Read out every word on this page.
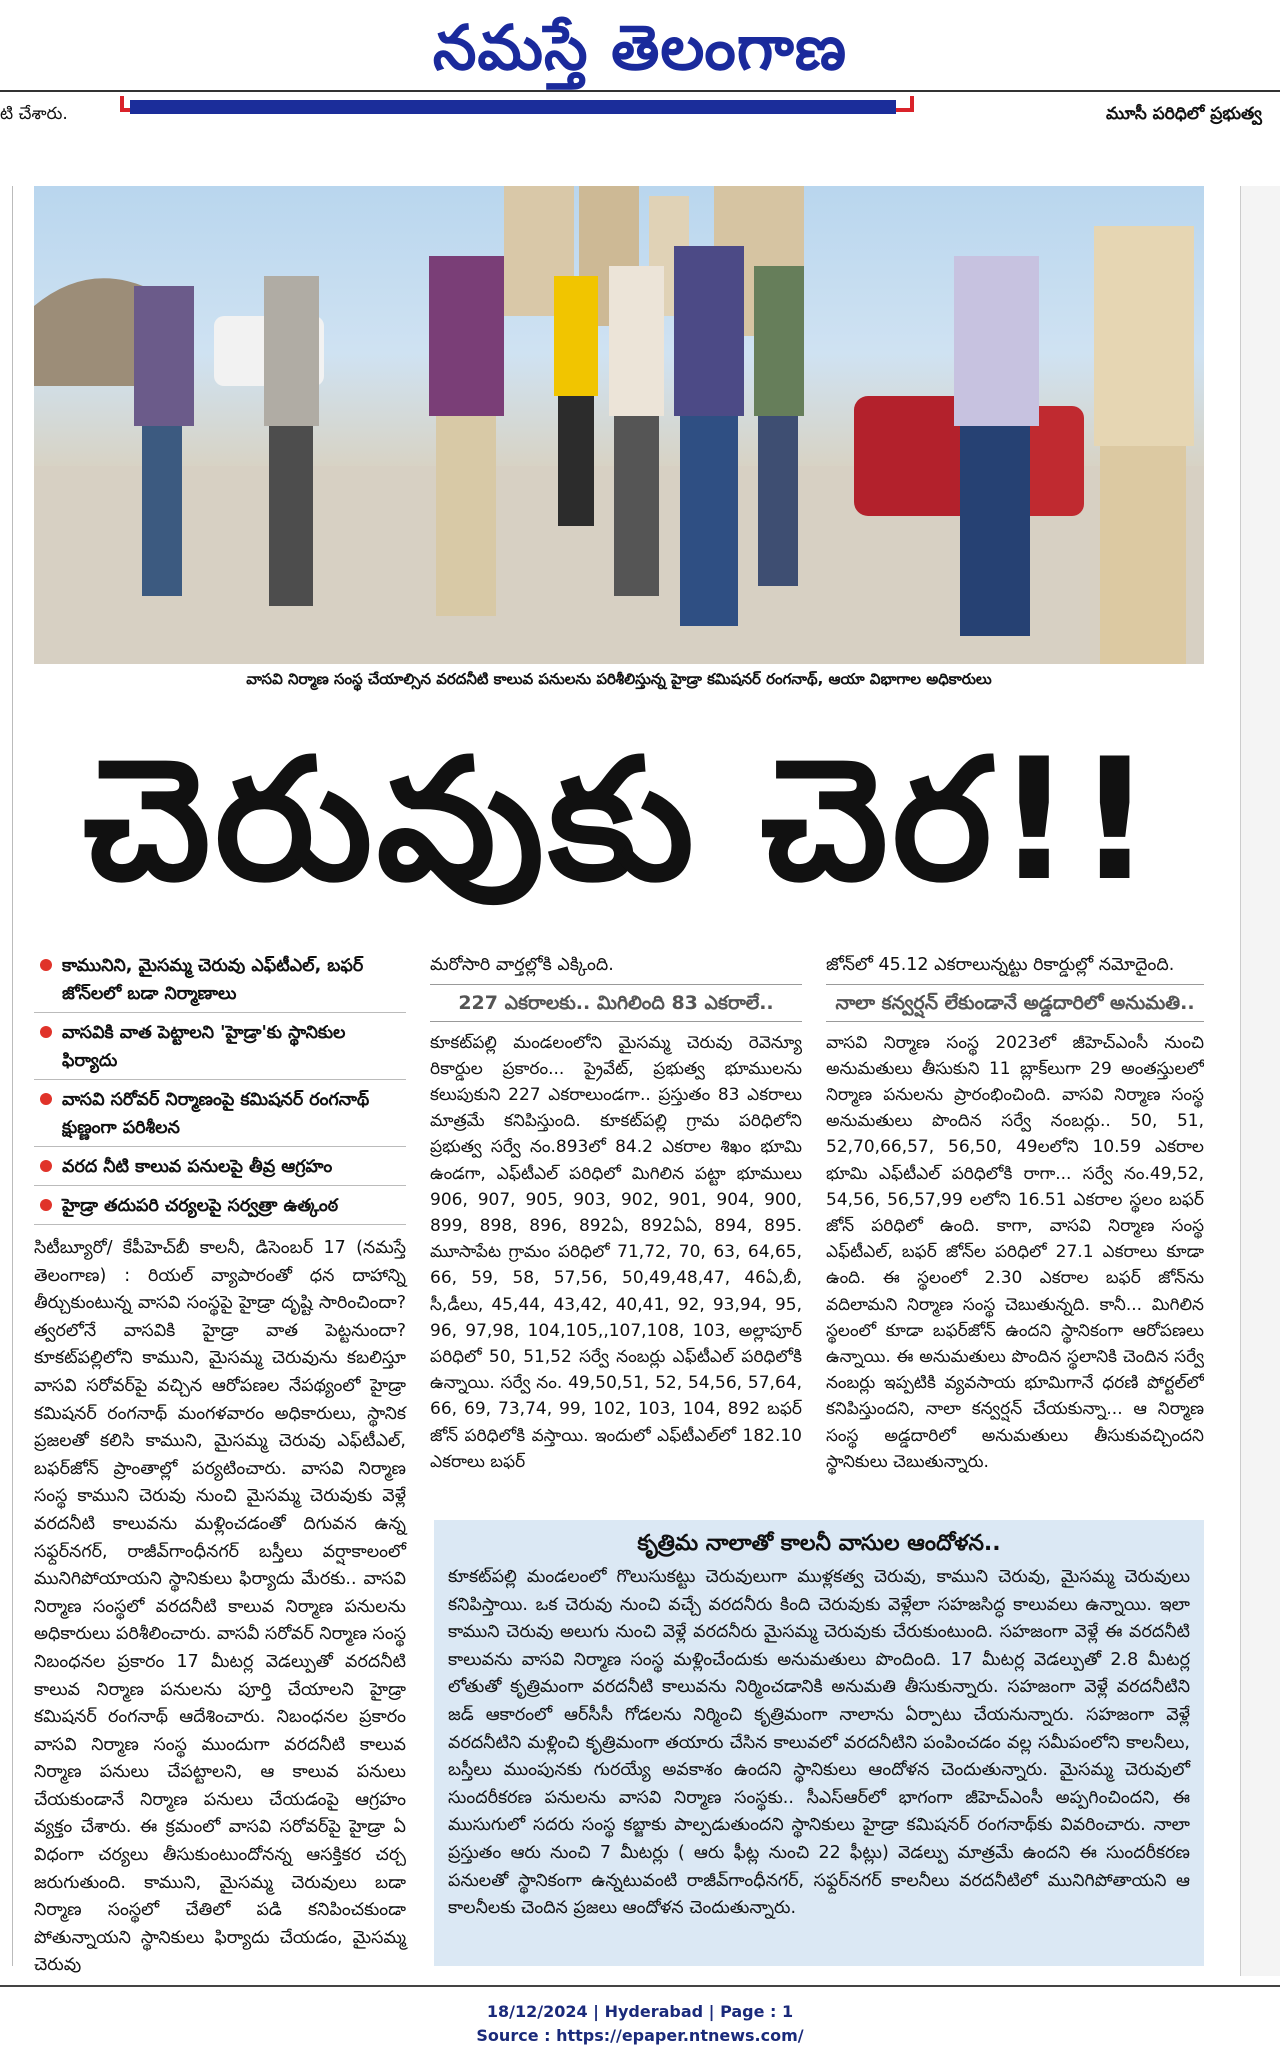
నమస్తే తెలంగాణ
టి చేశారు.	మూసీ పరిధిలో ప్రభుత్వ
వాసవి నిర్మాణ సంస్థ చేయాల్సిన వరదనీటి కాలువ పనులను పరిశీలిస్తున్న హైడ్రా కమిషనర్ రంగనాథ్, ఆయా విభాగాల అధికారులు
చెరువుకు చెర!!
కామునిని, మైసమ్మ చెరువు ఎఫ్‌టీఎల్, బఫర్ జోన్‌లలో బడా నిర్మాణాలు
వాసవికి వాత పెట్టాలని 'హైడ్రా'కు స్థానికుల ఫిర్యాదు
వాసవి సరోవర్ నిర్మాణంపై కమిషనర్ రంగనాథ్ క్షుణ్ణంగా పరిశీలన
వరద నీటి కాలువ పనులపై తీవ్ర ఆగ్రహం
హైడ్రా తదుపరి చర్యలపై సర్వత్రా ఉత్కంఠ
సిటీబ్యూరో/ కేపీహెచ్‌బీ కాలనీ, డిసెంబర్ 17 (నమస్తే తెలంగాణ) : రియల్ వ్యాపారంతో ధన దాహాన్ని తీర్చుకుంటున్న వాసవి సంస్థపై హైడ్రా దృష్టి సారించిందా? త్వరలోనే వాసవికి హైడ్రా వాత పెట్టనుందా? కూకట్‌పల్లిలోని కాముని, మైసమ్మ చెరువును కబలిస్తూ వాసవి సరోవర్‌పై వచ్చిన ఆరోపణల నేపథ్యంలో హైడ్రా కమిషనర్ రంగనాథ్ మంగళవారం అధికారులు, స్థానిక ప్రజలతో కలిసి కాముని, మైసమ్మ చెరువు ఎఫ్‌టీఎల్, బఫర్‌జోన్ ప్రాంతాల్లో పర్యటించారు. వాసవి నిర్మాణ సంస్థ కాముని చెరువు నుంచి మైసమ్మ చెరువుకు వెళ్లే వరదనీటి కాలువను మళ్లించడంతో దిగువన ఉన్న సఫ్దర్‌నగర్, రాజీవ్‌గాంధీనగర్ బస్తీలు వర్షాకాలంలో మునిగిపోయాయని స్థానికులు ఫిర్యాదు మేరకు.. వాసవి నిర్మాణ సంస్థలో వరదనీటి కాలువ నిర్మాణ పనులను అధికారులు పరిశీలించారు. వాసవీ సరోవర్ నిర్మాణ సంస్థ నిబంధనల ప్రకారం 17 మీటర్ల వెడల్పుతో వరదనీటి కాలువ నిర్మాణ పనులను పూర్తి చేయాలని హైడ్రా కమిషనర్ రంగనాథ్ ఆదేశించారు. నిబంధనల ప్రకారం వాసవి నిర్మాణ సంస్థ ముందుగా వరదనీటి కాలువ నిర్మాణ పనులు చేపట్టాలని, ఆ కాలువ పనులు చేయకుండానే నిర్మాణ పనులు చేయడంపై ఆగ్రహం వ్యక్తం చేశారు. ఈ క్రమంలో వాసవి సరోవర్‌పై హైడ్రా ఏ విధంగా చర్యలు తీసుకుంటుందోనన్న ఆసక్తికర చర్చ జరుగుతుంది. కాముని, మైసమ్మ చెరువులు బడా నిర్మాణ సంస్థలో చేతిలో పడి కనిపించకుండా పోతున్నాయని స్థానికులు ఫిర్యాదు చేయడం, మైసమ్మ చెరువు
మరోసారి వార్తల్లోకి ఎక్కింది.
227 ఎకరాలకు.. మిగిలింది 83 ఎకరాలే..
కూకట్‌పల్లి మండలంలోని మైసమ్మ చెరువు రెవెన్యూ రికార్డుల ప్రకారం... ప్రైవేట్, ప్రభుత్వ భూములను కలుపుకుని 227 ఎకరాలుండగా.. ప్రస్తుతం 83 ఎకరాలు మాత్రమే కనిపిస్తుంది. కూకట్‌పల్లి గ్రామ పరిధిలోని ప్రభుత్వ సర్వే నం.893లో 84.2 ఎకరాల శిఖం భూమి ఉండగా, ఎఫ్‌టీఎల్ పరిధిలో మిగిలిన పట్టా భూములు 906, 907, 905, 903, 902, 901, 904, 900, 899, 898, 896, 892ఏ, 892ఏఏ, 894, 895. మూసాపేట గ్రామం పరిధిలో 71,72, 70, 63, 64,65, 66, 59, 58, 57,56, 50,49,48,47, 46ఏ,బీ, సీ,డీలు, 45,44, 43,42, 40,41, 92, 93,94, 95, 96, 97,98, 104,105,,107,108, 103, అల్లాపూర్ పరిధిలో 50, 51,52 సర్వే నంబర్లు ఎఫ్‌టీఎల్ పరిధిలోకి ఉన్నాయి. సర్వే నం. 49,50,51, 52, 54,56, 57,64, 66, 69, 73,74, 99, 102, 103, 104, 892 బఫర్ జోన్ పరిధిలోకి వస్తాయి. ఇందులో ఎఫ్‌టీఎల్‌లో 182.10 ఎకరాలు బఫర్
జోన్‌లో 45.12 ఎకరాలున్నట్టు రికార్డుల్లో నమోదైంది.
నాలా కన్వర్షన్ లేకుండానే అడ్డదారిలో అనుమతి..
వాసవి నిర్మాణ సంస్థ 2023లో జీహెచ్‌ఎంసీ నుంచి అనుమతులు తీసుకుని 11 బ్లాక్‌లుగా 29 అంతస్తులలో నిర్మాణ పనులను ప్రారంభించింది. వాసవి నిర్మాణ సంస్థ అనుమతులు పొందిన సర్వే నంబర్లు.. 50, 51, 52,70,66,57, 56,50, 49లలోని 10.59 ఎకరాల భూమి ఎఫ్‌టీఎల్ పరిధిలోకి రాగా... సర్వే నం.49,52, 54,56, 56,57,99 లలోని 16.51 ఎకరాల స్థలం బఫర్ జోన్ పరిధిలో ఉంది. కాగా, వాసవి నిర్మాణ సంస్థ ఎఫ్‌టీఎల్, బఫర్ జోన్‌ల పరిధిలో 27.1 ఎకరాలు కూడా ఉంది. ఈ స్థలంలో 2.30 ఎకరాల బఫర్ జోన్‌ను వదిలామని నిర్మాణ సంస్థ చెబుతున్నది. కానీ... మిగిలిన స్థలంలో కూడా బఫర్‌జోన్ ఉందని స్థానికంగా ఆరోపణలు ఉన్నాయి. ఈ అనుమతులు పొందిన స్థలానికి చెందిన సర్వే నంబర్లు ఇప్పటికి వ్యవసాయ భూమిగానే ధరణి పోర్టల్‌లో కనిపిస్తుందని, నాలా కన్వర్షన్ చేయకున్నా... ఆ నిర్మాణ సంస్థ అడ్డదారిలో అనుమతులు తీసుకువచ్చిందని స్థానికులు చెబుతున్నారు.
కృత్రిమ నాలాతో కాలనీ వాసుల ఆందోళన..
కూకట్‌పల్లి మండలంలో గొలుసుకట్టు చెరువులుగా ముళ్లకత్వ చెరువు, కాముని చెరువు, మైసమ్మ చెరువులు కనిపిస్తాయి. ఒక చెరువు నుంచి వచ్చే వరదనీరు కింది చెరువుకు వెళ్లేలా సహజసిద్ధ కాలువలు ఉన్నాయి. ఇలా కాముని చెరువు అలుగు నుంచి వెళ్లే వరదనీరు మైసమ్మ చెరువుకు చేరుకుంటుంది. సహజంగా వెళ్లే ఈ వరదనీటి కాలువను వాసవి నిర్మాణ సంస్థ మళ్లించేందుకు అనుమతులు పొందింది. 17 మీటర్ల వెడల్పుతో 2.8 మీటర్ల లోతుతో కృత్రిమంగా వరదనీటి కాలువను నిర్మించడానికి అనుమతి తీసుకున్నారు. సహజంగా వెళ్లే వరదనీటిని జడ్ ఆకారంలో ఆర్‌సీసీ గోడలను నిర్మించి కృత్రిమంగా నాలాను ఏర్పాటు చేయనున్నారు. సహజంగా వెళ్లే వరదనీటిని మళ్లించి కృత్రిమంగా తయారు చేసిన కాలువలో వరదనీటిని పంపించడం వల్ల సమీపంలోని కాలనీలు, బస్తీలు ముంపునకు గురయ్యే అవకాశం ఉందని స్థానికులు ఆందోళన చెందుతున్నారు. మైసమ్మ చెరువులో సుందరీకరణ పనులను వాసవి నిర్మాణ సంస్థకు.. సీఎస్‌ఆర్‌లో భాగంగా జీహెచ్‌ఎంసీ అప్పగించిందని, ఈ ముసుగులో సదరు సంస్థ కబ్జాకు పాల్పడుతుందని స్థానికులు హైడ్రా కమిషనర్ రంగనాథ్‌కు వివరించారు. నాలా ప్రస్తుతం ఆరు నుంచి 7 మీటర్లు ( ఆరు ఫీట్ల నుంచి 22 ఫీట్లు) వెడల్పు మాత్రమే ఉందని ఈ సుందరీకరణ పనులతో స్థానికంగా ఉన్నటువంటి రాజీవ్‌గాంధీనగర్, సఫ్దర్‌నగర్ కాలనీలు వరదనీటిలో మునిగిపోతాయని ఆ కాలనీలకు చెందిన ప్రజలు ఆందోళన చెందుతున్నారు.
18/12/2024 | Hyderabad | Page : 1
Source : https://epaper.ntnews.com/
